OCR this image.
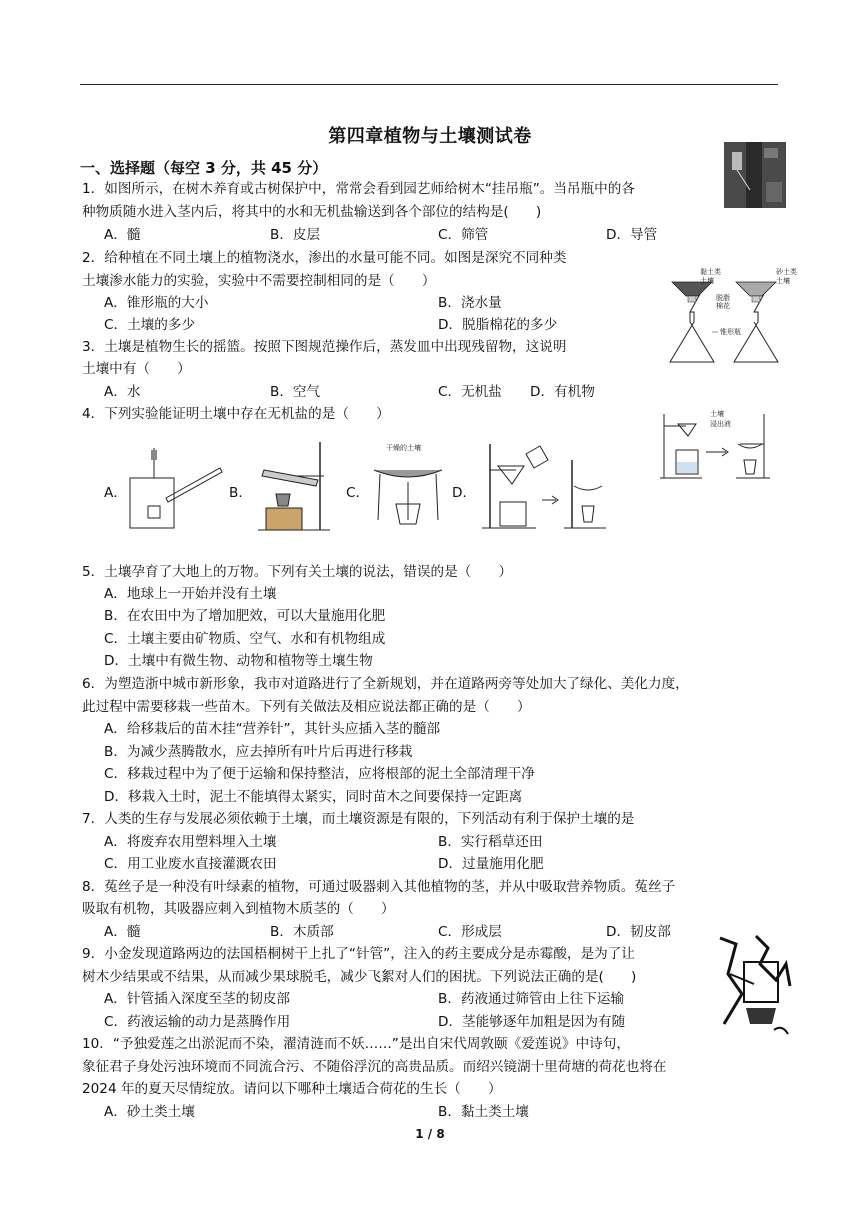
第四章植物与土壤测试卷
一、选择题（每空 3 分，共 45 分）
1．如图所示，在树木养育或古树保护中，常常会看到园艺师给树木“挂吊瓶”。当吊瓶中的各
种物质随水进入茎内后，将其中的水和无机盐输送到各个部位的结构是(　　)
A．髓	B．皮层	C．筛管	D．导管
2．给种植在不同土壤上的植物浇水，渗出的水量可能不同。如图是深究不同种类
土壤渗水能力的实验，实验中不需要控制相同的是（　　）
A．锥形瓶的大小	B．浇水量
C．土壤的多少	D．脱脂棉花的多少
黏土类
土壤
脱脂
棉花
砂土类
土壤
锥形瓶
3．土壤是植物生长的摇篮。按照下图规范操作后，蒸发皿中出现残留物，这说明
土壤中有（　　）
A．水	B．空气	C．无机盐 D．有机物
4．下列实验能证明土壤中存在无机盐的是（　　）	土壤
浸出液
A．	B．	C．
干燥的土壤
D．
5．土壤孕育了大地上的万物。下列有关土壤的说法，错误的是（　　）
A．地球上一开始并没有土壤
B．在农田中为了增加肥效，可以大量施用化肥
C．土壤主要由矿物质、空气、水和有机物组成
D．土壤中有微生物、动物和植物等土壤生物
6．为塑造浙中城市新形象，我市对道路进行了全新规划，并在道路两旁等处加大了绿化、美化力度，
此过程中需要移栽一些苗木。下列有关做法及相应说法都正确的是（　　）
A．给移栽后的苗木挂“营养针”，其针头应插入茎的髓部
B．为减少蒸腾散水，应去掉所有叶片后再进行移栽
C．移栽过程中为了便于运输和保持整洁，应将根部的泥土全部清理干净
D．移栽入土时，泥土不能填得太紧实，同时苗木之间要保持一定距离
7．人类的生存与发展必须依赖于土壤，而土壤资源是有限的，下列活动有利于保护土壤的是
A．将废弃农用塑料埋入土壤	B．实行稻草还田
C．用工业废水直接灌溉农田	D．过量施用化肥
8．菟丝子是一种没有叶绿素的植物，可通过吸器刺入其他植物的茎，并从中吸取营养物质。菟丝子
吸取有机物，其吸器应刺入到植物木质茎的（　　）
A．髓	B．木质部	C．形成层	D．韧皮部
9．小金发现道路两边的法国梧桐树干上扎了“针管”，注入的药主要成分是赤霉酸，是为了让
树木少结果或不结果，从而减少果球脱毛，减少飞絮对人们的困扰。下列说法正确的是(　　)
A．针管插入深度至茎的韧皮部	B．药液通过筛管由上往下运输
C．药液运输的动力是蒸腾作用	D．茎能够逐年加粗是因为有随
10．“予独爱莲之出淤泥而不染，濯清涟而不妖……”是出自宋代周敦颐《爱莲说》中诗句，
象征君子身处污浊环境而不同流合污、不随俗浮沉的高贵品质。而绍兴镜湖十里荷塘的荷花也将在
2024 年的夏天尽情绽放。请问以下哪种土壤适合荷花的生长（　　）
A．砂土类土壤	B．黏土类土壤
1 / 8
